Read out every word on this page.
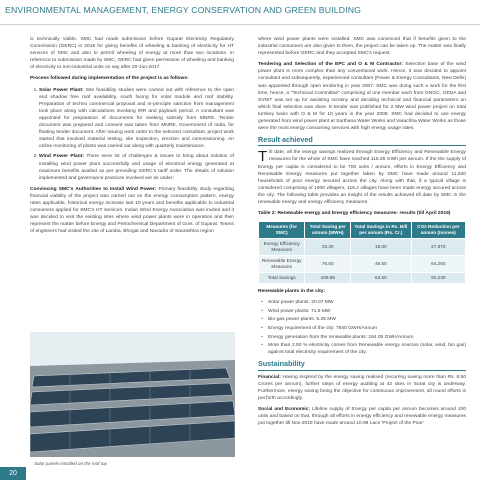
ENVIRONMENTAL MANAGEMENT, ENERGY CONSERVATION AND GREEN BUILDING

is technically viable. SMC had made submission before Gujarat Electricity Regulatory Commission (GERC) in 2016 for giving benefits of wheeling & banking of electricity for HT services of SMC and also to permit wheeling of energy at more than two locations. In reference to submission made by SMC, GERC had given permission of wheeling and banking of electricity to non-industrial units on say after 20-Jun-2017.

Process followed during implementation of the project is as follows:

1. Solar Power Plant: Site feasibility studies were carried out with reference to the open and shadow free roof availability, south facing for solar module and roof stability. Preparation of techno commercial proposal and in-principle sanction from management took place along with calculations involving IRR and payback period. A consultant was appointed for preparation of documents for seeking subsidy from MNRE. Tender document was prepared and consent was taken from MNRE, Government of India, for floating tender document. After issuing work order to the selected consultant, project work started that involved material testing, site inspection, erection and commissioning. An online monitoring of plants was carried out along with quarterly maintenance.
2. Wind Power Plant: There were lot of challenges & issues to bring about solution of installing wind power plant successfully and usage of electrical energy generated at maximum benefits availed as per prevailing GERC's tariff order. The details of solution implemented and governance practices involved are as under:

Convincing SMC's Authorities to Install Wind Power: Primary feasibility study regarding financial viability of the project was carried out on the energy consumption pattern, energy rates applicable, historical energy increase last 10 years and benefits applicable to industrial consumers applied for SMC's HT services. Indian Wind Energy Association was invited and it was decided to visit the existing sites where wind power plants were in operation and then represent the matter before Energy and Petrochemical Department of Govt. of Gujarat. Teams of engineers had visited the site of Lamba, Bhogat and Navadra of Saurashtra region

Solar panels installed on the roof top

where wind power plants were installed. SMC was convinced that if benefits given to the industrial consumers are also given to them, the project can be taken up. The matter was finally represented before GERC and they accepted SMC's request.

Tendering and Selection of the EPC and O & M Contractor: Selection base of the wind power plant is more complex than any conventional work. Hence, it was decided to appoint consultant and subsequently, experienced consultant (Power & Energy Consultants, New Delhi) was appointed through open tendering in year 2007. SMC was doing such a work for the first time; hence, a "Technical Committee" comprising of one member each from GNGC, GEDA and SVNIT was set up for assisting scrutiny and deciding technical and financial parameters on which final selection was done. E-tender was published for 2 MW wind power project on total turnkey basis with O & M for 10 years in the year 2008. SMC had decided to use energy generated from wind power plant at Sarthana Water Works and Varachha Water Works as those were the most energy consuming services with high energy usage rates.

Result achieved

Till date, all the energy savings realized through Energy Efficiency and Renewable Energy measures for the whole of SMC have reached 116.25 GWh per annum. If the the supply of Energy per capita is considered to be 700 units / annum, efforts in Energy Efficiency and Renewable Energy measures put together taken by SMC have made around 11,620 households of poor energy secured across the city. Along with that, if a typical village is considered comprising of 1000 villagers, 116.2 villages have been made energy secured across the city. The following table provides an insight of the results achieved till date by SMC in the renewable energy and energy efficiency measures.

Table 2: Renewable energy and Energy efficiency measures- results (till April 2019)

Measures (for SMC)	Total Saving per annum (MWH)	Total Savings in Rs. Bill per annum (Rs. Cr.)	CO2 Reduction per annum (tonnes)
Energy Efficiency Measures	33.30	15.00	27,870
Renewable Energy Measures	76.50	48.50	64,260
Total Savings	109.88	63.50	92,230

Renewable plants in the city:

• Solar power plants: 20.07 MW
• Wind power plants: 71.6 MW
• Bio-gas power plants: 5.25 MW
• Energy requirement of the city: 7940 GWH/Annum
• Energy generation from the renewable plants: 194.05 GWH/Annum
• More than 2.50 % electricity comes from Renewable energy sources (solar, wind, bio gas) against total electricity requirement of the city.
Sustainability

Financial: Having inspired by the energy saving realised (recurring saving more than Rs. 8.50 Crores per annum), further steps of energy auditing at 42 sites in Surat city is underway. Furthermore, energy saving being the objective for continuous improvement, all round efforts is put forth accordingly.

Social and Economic: Lifeline supply of Energy per capita per annum becomes around 100 units and based on that, through all efforts in energy efficiency and renewable energy measures put together till Nov-2018 have made around 10.98 Lacs 'Project of the Poor'

20
